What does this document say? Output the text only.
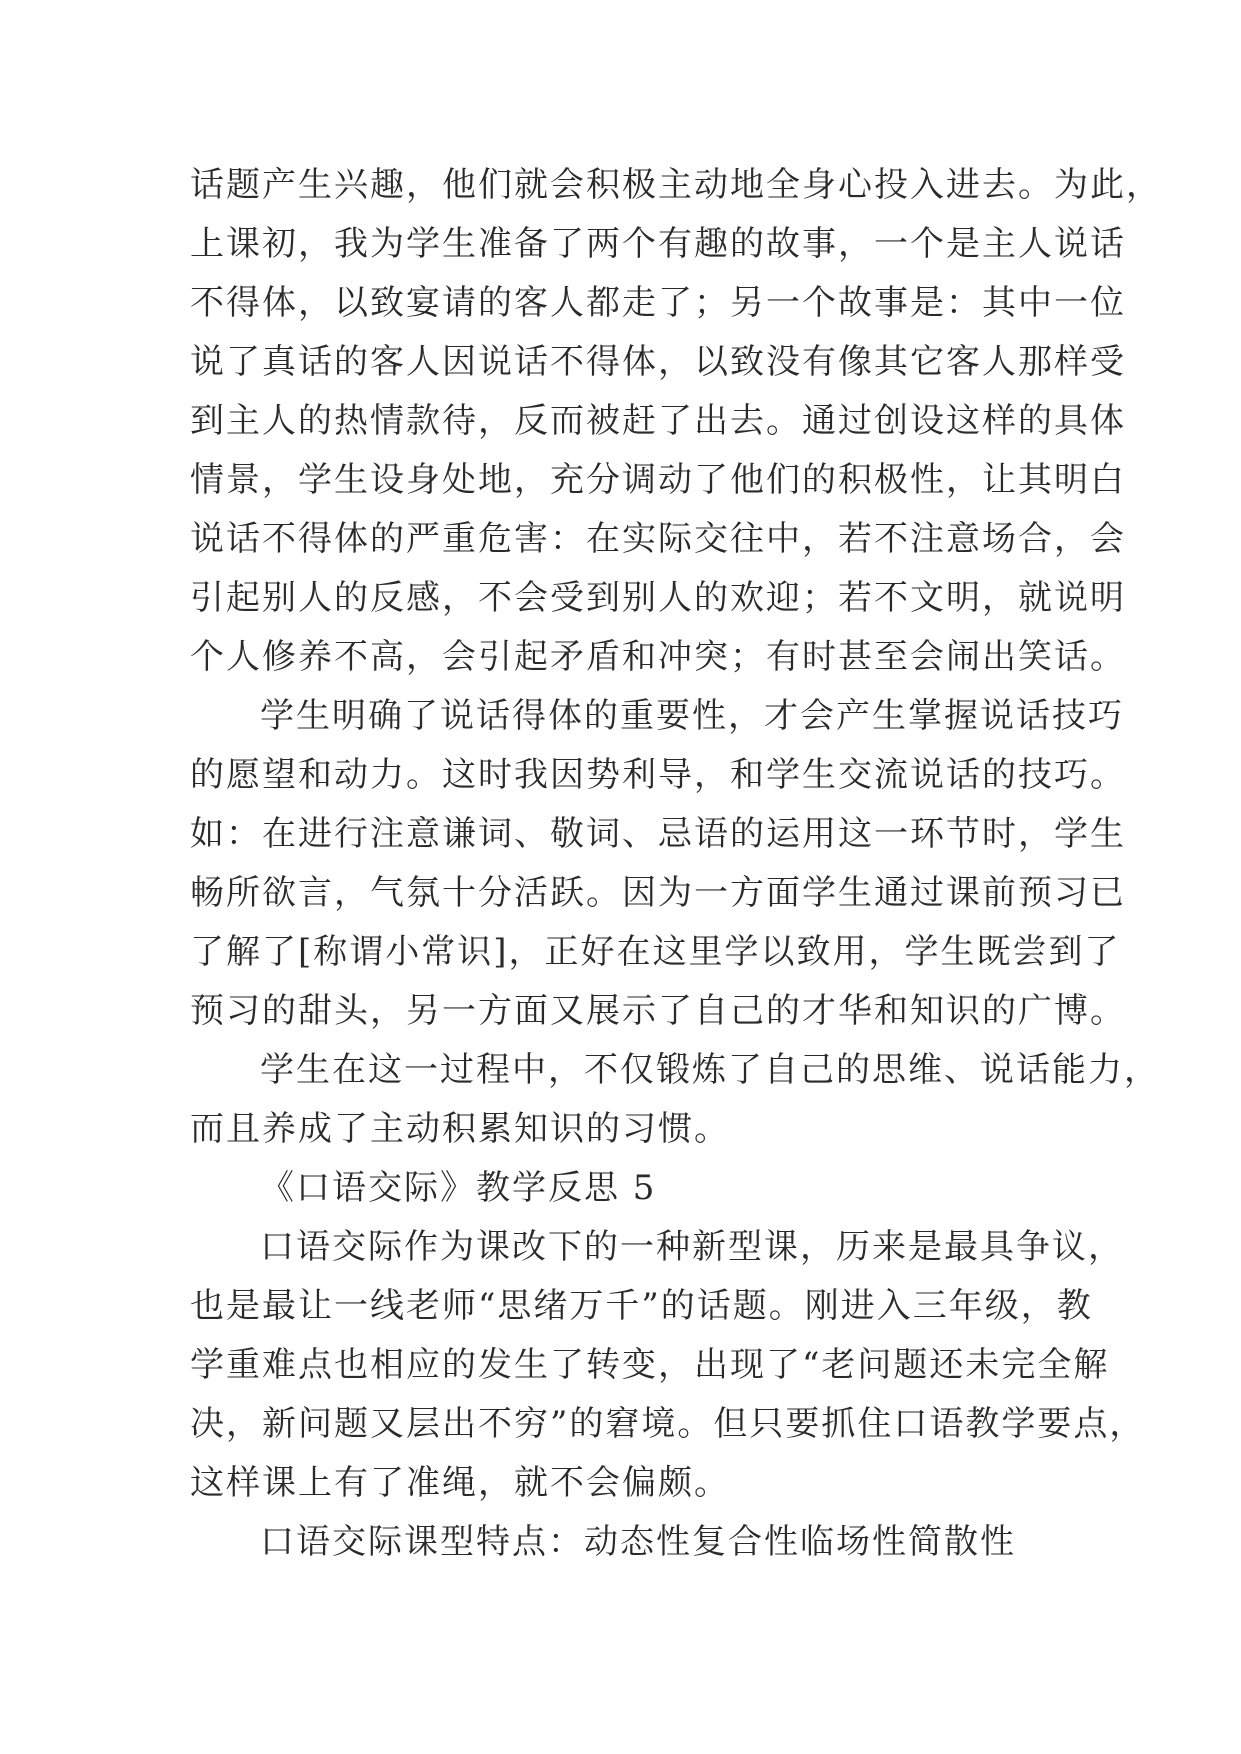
话题产生兴趣，他们就会积极主动地全身心投入进去。为此，
上课初，我为学生准备了两个有趣的故事，一个是主人说话
不得体，以致宴请的客人都走了；另一个故事是：其中一位
说了真话的客人因说话不得体，以致没有像其它客人那样受
到主人的热情款待，反而被赶了出去。通过创设这样的具体
情景，学生设身处地，充分调动了他们的积极性，让其明白
说话不得体的严重危害：在实际交往中，若不注意场合，会
引起别人的反感，不会受到别人的欢迎；若不文明，就说明
个人修养不高，会引起矛盾和冲突；有时甚至会闹出笑话。
学生明确了说话得体的重要性，才会产生掌握说话技巧
的愿望和动力。这时我因势利导，和学生交流说话的技巧。
如：在进行注意谦词、敬词、忌语的运用这一环节时，学生
畅所欲言，气氛十分活跃。因为一方面学生通过课前预习已
了解了[称谓小常识]，正好在这里学以致用，学生既尝到了
预习的甜头，另一方面又展示了自己的才华和知识的广博。
学生在这一过程中，不仅锻炼了自己的思维、说话能力，
而且养成了主动积累知识的习惯。
《口语交际》教学反思 5
口语交际作为课改下的一种新型课，历来是最具争议，
也是最让一线老师“思绪万千”的话题。刚进入三年级，教
学重难点也相应的发生了转变，出现了“老问题还未完全解
决，新问题又层出不穷”的窘境。但只要抓住口语教学要点，
这样课上有了准绳，就不会偏颇。
口语交际课型特点：动态性复合性临场性简散性
